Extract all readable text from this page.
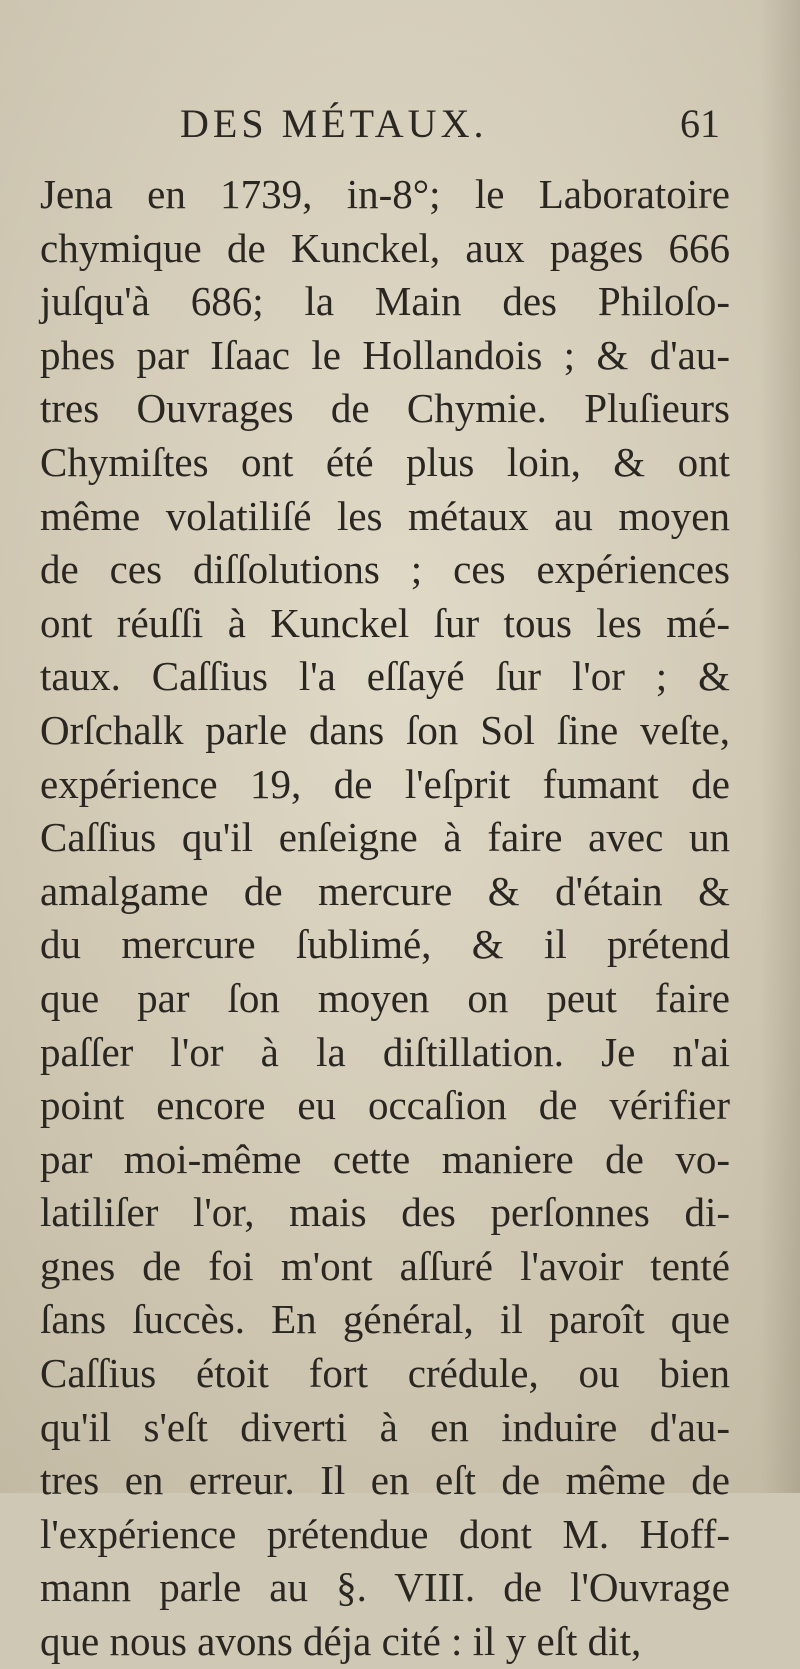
DES MÉTAUX.	61
Jena en 1739, in-8°; le Laboratoire
chymique de Kunckel, aux pages 666
juſqu'à 686; la Main des Philoſo-
phes par Iſaac le Hollandois ; & d'au-
tres Ouvrages de Chymie. Pluſieurs
Chymiſtes ont été plus loin, & ont
même volatiliſé les métaux au moyen
de ces diſſolutions ; ces expériences
ont réuſſi à Kunckel ſur tous les mé-
taux. Caſſius l'a eſſayé ſur l'or ; &
Orſchalk parle dans ſon Sol ſine veſte,
expérience 19, de l'eſprit fumant de
Caſſius qu'il enſeigne à faire avec un
amalgame de mercure & d'étain &
du mercure ſublimé, & il prétend
que par ſon moyen on peut faire
paſſer l'or à la diſtillation. Je n'ai
point encore eu occaſion de vérifier
par moi-même cette maniere de vo-
latiliſer l'or, mais des perſonnes di-
gnes de foi m'ont aſſuré l'avoir tenté
ſans ſuccès. En général, il paroît que
Caſſius étoit fort crédule, ou bien
qu'il s'eſt diverti à en induire d'au-
tres en erreur. Il en eſt de même de
l'expérience prétendue dont M. Hoff-
mann parle au §. VIII. de l'Ouvrage
que nous avons déja cité : il y eſt dit,
